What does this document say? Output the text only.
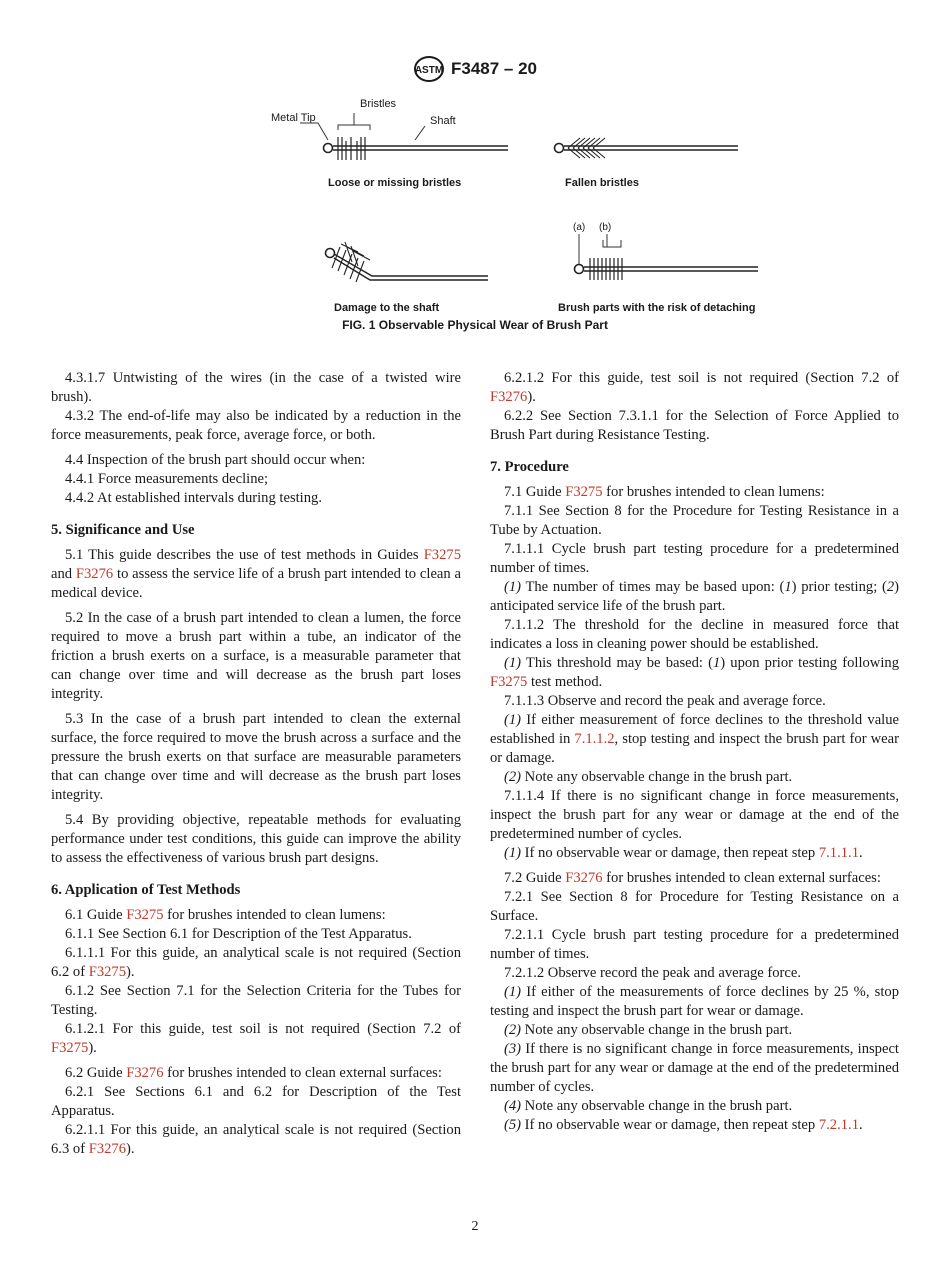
ASTM F3487 – 20
Metal Tip
Bristles
Shaft
Loose or missing bristles	Fallen bristles
Damage to the shaft
(a) (b)
Brush parts with the risk of detaching
FIG. 1 Observable Physical Wear of Brush Part

4.3.1.7 Untwisting of the wires (in the case of a twisted wire brush).

4.3.2 The end-of-life may also be indicated by a reduction in the force measurements, peak force, average force, or both.

4.4 Inspection of the brush part should occur when:

4.4.1 Force measurements decline;

4.4.2 At established intervals during testing.

5. Significance and Use

5.1 This guide describes the use of test methods in Guides F3275 and F3276 to assess the service life of a brush part intended to clean a medical device.

5.2 In the case of a brush part intended to clean a lumen, the force required to move a brush part within a tube, an indicator of the friction a brush exerts on a surface, is a measurable parameter that can change over time and will decrease as the brush part loses integrity.

5.3 In the case of a brush part intended to clean the external surface, the force required to move the brush across a surface and the pressure the brush exerts on that surface are measurable parameters that can change over time and will decrease as the brush part loses integrity.

5.4 By providing objective, repeatable methods for evaluating performance under test conditions, this guide can improve the ability to assess the effectiveness of various brush part designs.

6. Application of Test Methods

6.1 Guide F3275 for brushes intended to clean lumens:

6.1.1 See Section 6.1 for Description of the Test Apparatus.

6.1.1.1 For this guide, an analytical scale is not required (Section 6.2 of F3275).

6.1.2 See Section 7.1 for the Selection Criteria for the Tubes for Testing.

6.1.2.1 For this guide, test soil is not required (Section 7.2 of F3275).

6.2 Guide F3276 for brushes intended to clean external surfaces:

6.2.1 See Sections 6.1 and 6.2 for Description of the Test Apparatus.

6.2.1.1 For this guide, an analytical scale is not required (Section 6.3 of F3276).

6.2.1.2 For this guide, test soil is not required (Section 7.2 of F3276).

6.2.2 See Section 7.3.1.1 for the Selection of Force Applied to Brush Part during Resistance Testing.

7. Procedure

7.1 Guide F3275 for brushes intended to clean lumens:

7.1.1 See Section 8 for the Procedure for Testing Resistance in a Tube by Actuation.

7.1.1.1 Cycle brush part testing procedure for a predetermined number of times.

(1) The number of times may be based upon: (1) prior testing; (2) anticipated service life of the brush part.

7.1.1.2 The threshold for the decline in measured force that indicates a loss in cleaning power should be established.

(1) This threshold may be based: (1) upon prior testing following F3275 test method.

7.1.1.3 Observe and record the peak and average force.

(1) If either measurement of force declines to the threshold value established in 7.1.1.2, stop testing and inspect the brush part for wear or damage.

(2) Note any observable change in the brush part.

7.1.1.4 If there is no significant change in force measurements, inspect the brush part for any wear or damage at the end of the predetermined number of cycles.

(1) If no observable wear or damage, then repeat step 7.1.1.1.

7.2 Guide F3276 for brushes intended to clean external surfaces:

7.2.1 See Section 8 for Procedure for Testing Resistance on a Surface.

7.2.1.1 Cycle brush part testing procedure for a predetermined number of times.

7.2.1.2 Observe record the peak and average force.

(1) If either of the measurements of force declines by 25 %, stop testing and inspect the brush part for wear or damage.

(2) Note any observable change in the brush part.

(3) If there is no significant change in force measurements, inspect the brush part for any wear or damage at the end of the predetermined number of cycles.

(4) Note any observable change in the brush part.

(5) If no observable wear or damage, then repeat step 7.2.1.1.

2
